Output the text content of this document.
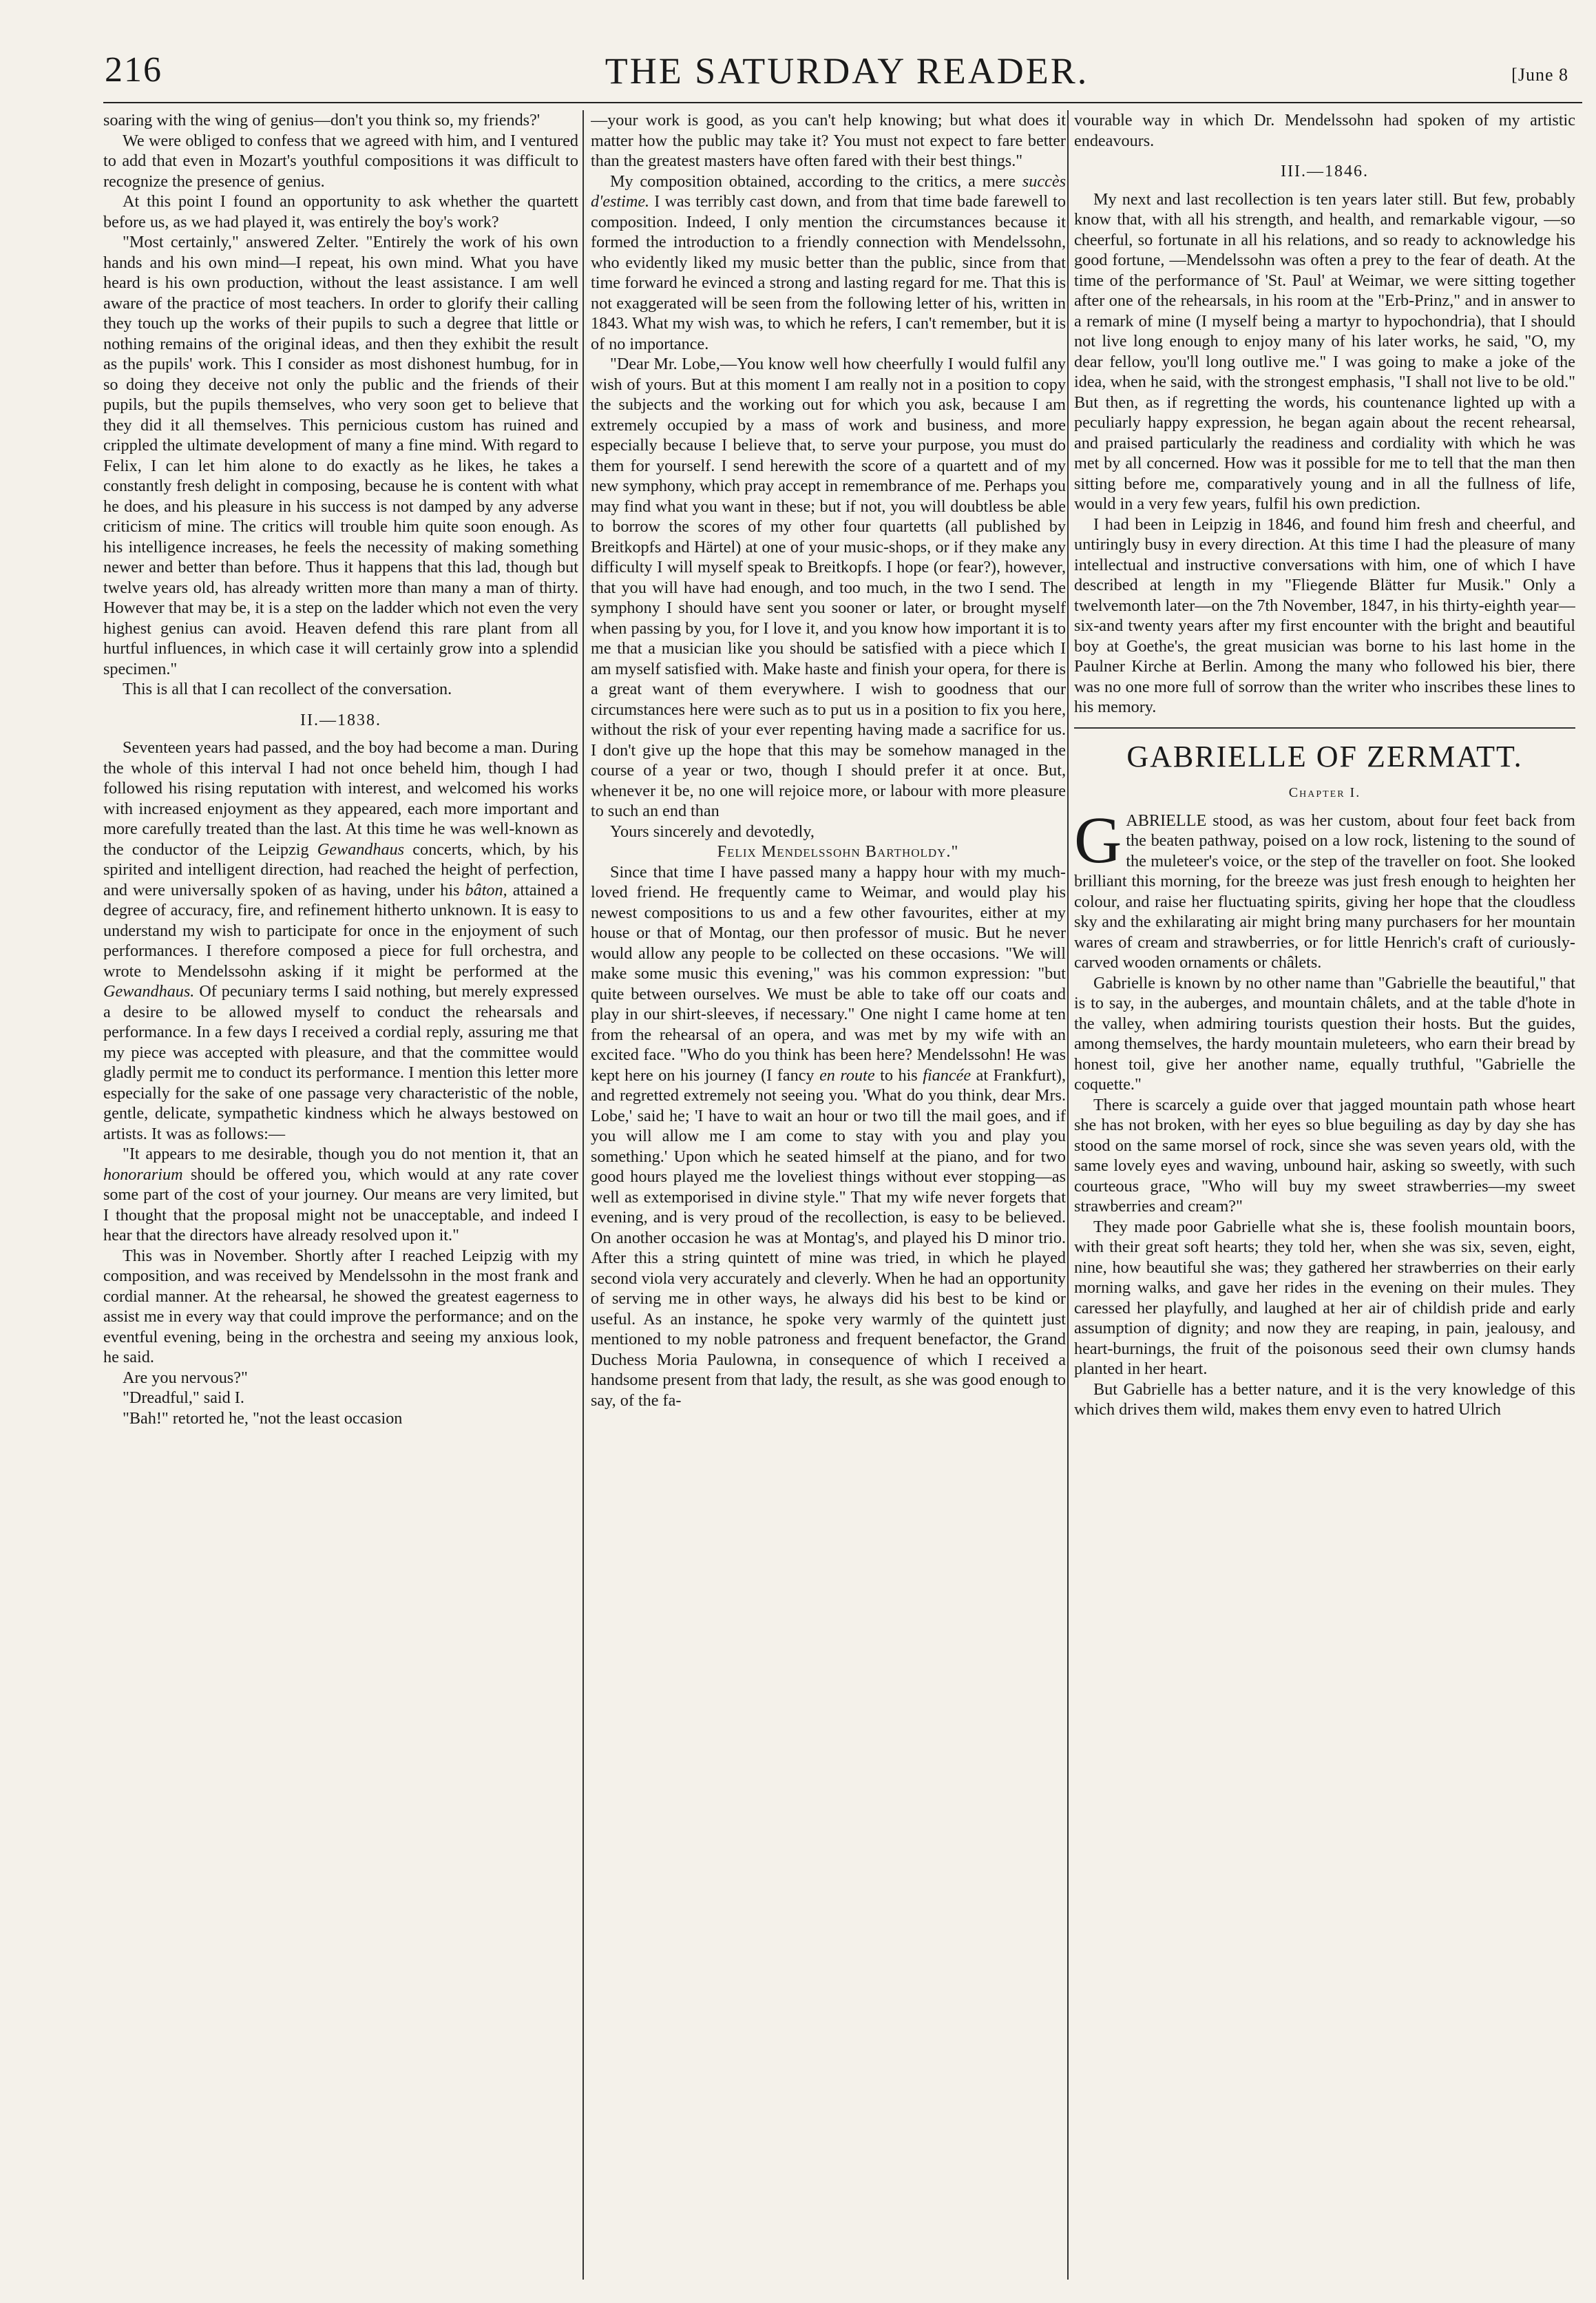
216	THE SATURDAY READER.	[June 8

soaring with the wing of genius—don't you think so, my friends?'

We were obliged to confess that we agreed with him, and I ventured to add that even in Mozart's youthful compositions it was difficult to recognize the presence of genius.

At this point I found an opportunity to ask whether the quartett before us, as we had played it, was entirely the boy's work?

"Most certainly," answered Zelter. "Entirely the work of his own hands and his own mind—I repeat, his own mind. What you have heard is his own production, without the least assistance. I am well aware of the practice of most teachers. In order to glorify their calling they touch up the works of their pupils to such a degree that little or nothing remains of the original ideas, and then they exhibit the result as the pupils' work. This I consider as most dishonest humbug, for in so doing they deceive not only the public and the friends of their pupils, but the pupils themselves, who very soon get to believe that they did it all themselves. This pernicious custom has ruined and crippled the ultimate development of many a fine mind. With regard to Felix, I can let him alone to do exactly as he likes, he takes a constantly fresh delight in composing, because he is content with what he does, and his pleasure in his success is not damped by any adverse criticism of mine. The critics will trouble him quite soon enough. As his intelligence increases, he feels the necessity of making something newer and better than before. Thus it happens that this lad, though but twelve years old, has already written more than many a man of thirty. However that may be, it is a step on the ladder which not even the very highest genius can avoid. Heaven defend this rare plant from all hurtful influences, in which case it will certainly grow into a splendid specimen."

This is all that I can recollect of the conversation.

II.—1838.

Seventeen years had passed, and the boy had become a man. During the whole of this interval I had not once beheld him, though I had followed his rising reputation with interest, and welcomed his works with increased enjoyment as they appeared, each more important and more carefully treated than the last. At this time he was well-known as the conductor of the Leipzig Gewandhaus concerts, which, by his spirited and intelligent direction, had reached the height of perfection, and were universally spoken of as having, under his bâton, attained a degree of accuracy, fire, and refinement hitherto unknown. It is easy to understand my wish to participate for once in the enjoyment of such performances. I therefore composed a piece for full orchestra, and wrote to Mendelssohn asking if it might be performed at the Gewandhaus. Of pecuniary terms I said nothing, but merely expressed a desire to be allowed myself to conduct the rehearsals and performance. In a few days I received a cordial reply, assuring me that my piece was accepted with pleasure, and that the committee would gladly permit me to conduct its performance. I mention this letter more especially for the sake of one passage very characteristic of the noble, gentle, delicate, sympathetic kindness which he always bestowed on artists. It was as follows:—

"It appears to me desirable, though you do not mention it, that an honorarium should be offered you, which would at any rate cover some part of the cost of your journey. Our means are very limited, but I thought that the proposal might not be unacceptable, and indeed I hear that the directors have already resolved upon it."

This was in November. Shortly after I reached Leipzig with my composition, and was received by Mendelssohn in the most frank and cordial manner. At the rehearsal, he showed the greatest eagerness to assist me in every way that could improve the performance; and on the eventful evening, being in the orchestra and seeing my anxious look, he said.

Are you nervous?"

"Dreadful," said I.

"Bah!" retorted he, "not the least occasion

—your work is good, as you can't help knowing; but what does it matter how the public may take it? You must not expect to fare better than the greatest masters have often fared with their best things."

My composition obtained, according to the critics, a mere succès d'estime. I was terribly cast down, and from that time bade farewell to composition. Indeed, I only mention the circumstances because it formed the introduction to a friendly connection with Mendelssohn, who evidently liked my music better than the public, since from that time forward he evinced a strong and lasting regard for me. That this is not exaggerated will be seen from the following letter of his, written in 1843. What my wish was, to which he refers, I can't remember, but it is of no importance.

"Dear Mr. Lobe,—You know well how cheerfully I would fulfil any wish of yours. But at this moment I am really not in a position to copy the subjects and the working out for which you ask, because I am extremely occupied by a mass of work and business, and more especially because I believe that, to serve your purpose, you must do them for yourself. I send herewith the score of a quartett and of my new symphony, which pray accept in remembrance of me. Perhaps you may find what you want in these; but if not, you will doubtless be able to borrow the scores of my other four quartetts (all published by Breitkopfs and Härtel) at one of your music-shops, or if they make any difficulty I will myself speak to Breitkopfs. I hope (or fear?), however, that you will have had enough, and too much, in the two I send. The symphony I should have sent you sooner or later, or brought myself when passing by you, for I love it, and you know how important it is to me that a musician like you should be satisfied with a piece which I am myself satisfied with. Make haste and finish your opera, for there is a great want of them everywhere. I wish to goodness that our circumstances here were such as to put us in a position to fix you here, without the risk of your ever repenting having made a sacrifice for us. I don't give up the hope that this may be somehow managed in the course of a year or two, though I should prefer it at once. But, whenever it be, no one will rejoice more, or labour with more pleasure to such an end than

Yours sincerely and devotedly,

Felix Mendelssohn Bartholdy."

Since that time I have passed many a happy hour with my much-loved friend. He frequently came to Weimar, and would play his newest compositions to us and a few other favourites, either at my house or that of Montag, our then professor of music. But he never would allow any people to be collected on these occasions. "We will make some music this evening," was his common expression: "but quite between ourselves. We must be able to take off our coats and play in our shirt-sleeves, if necessary." One night I came home at ten from the rehearsal of an opera, and was met by my wife with an excited face. "Who do you think has been here? Mendelssohn! He was kept here on his journey (I fancy en route to his fiancée at Frankfurt), and regretted extremely not seeing you. 'What do you think, dear Mrs. Lobe,' said he; 'I have to wait an hour or two till the mail goes, and if you will allow me I am come to stay with you and play you something.' Upon which he seated himself at the piano, and for two good hours played me the loveliest things without ever stopping—as well as extemporised in divine style." That my wife never forgets that evening, and is very proud of the recollection, is easy to be believed. On another occasion he was at Montag's, and played his D minor trio. After this a string quintett of mine was tried, in which he played second viola very accurately and cleverly. When he had an opportunity of serving me in other ways, he always did his best to be kind or useful. As an instance, he spoke very warmly of the quintett just mentioned to my noble patroness and frequent benefactor, the Grand Duchess Moria Paulowna, in consequence of which I received a handsome present from that lady, the result, as she was good enough to say, of the fa-

vourable way in which Dr. Mendelssohn had spoken of my artistic endeavours.

III.—1846.

My next and last recollection is ten years later still. But few, probably know that, with all his strength, and health, and remarkable vigour, —so cheerful, so fortunate in all his relations, and so ready to acknowledge his good fortune, —Mendelssohn was often a prey to the fear of death. At the time of the performance of 'St. Paul' at Weimar, we were sitting together after one of the rehearsals, in his room at the "Erb-Prinz," and in answer to a remark of mine (I myself being a martyr to hypochondria), that I should not live long enough to enjoy many of his later works, he said, "O, my dear fellow, you'll long outlive me." I was going to make a joke of the idea, when he said, with the strongest emphasis, "I shall not live to be old." But then, as if regretting the words, his countenance lighted up with a peculiarly happy expression, he began again about the recent rehearsal, and praised particularly the readiness and cordiality with which he was met by all concerned. How was it possible for me to tell that the man then sitting before me, comparatively young and in all the fullness of life, would in a very few years, fulfil his own prediction.

I had been in Leipzig in 1846, and found him fresh and cheerful, and untiringly busy in every direction. At this time I had the pleasure of many intellectual and instructive conversations with him, one of which I have described at length in my "Fliegende Blätter fur Musik." Only a twelvemonth later—on the 7th November, 1847, in his thirty-eighth year—six-and twenty years after my first encounter with the bright and beautiful boy at Goethe's, the great musician was borne to his last home in the Paulner Kirche at Berlin. Among the many who followed his bier, there was no one more full of sorrow than the writer who inscribes these lines to his memory.

GABRIELLE OF ZERMATT.
Chapter I.

G ABRIELLE stood, as was her custom, about four feet back from the beaten pathway, poised on a low rock, listening to the sound of the muleteer's voice, or the step of the traveller on foot. She looked brilliant this morning, for the breeze was just fresh enough to heighten her colour, and raise her fluctuating spirits, giving her hope that the cloudless sky and the exhilarating air might bring many purchasers for her mountain wares of cream and strawberries, or for little Henrich's craft of curiously-carved wooden ornaments or châlets.

Gabrielle is known by no other name than "Gabrielle the beautiful," that is to say, in the auberges, and mountain châlets, and at the table d'hote in the valley, when admiring tourists question their hosts. But the guides, among themselves, the hardy mountain muleteers, who earn their bread by honest toil, give her another name, equally truthful, "Gabrielle the coquette."

There is scarcely a guide over that jagged mountain path whose heart she has not broken, with her eyes so blue beguiling as day by day she has stood on the same morsel of rock, since she was seven years old, with the same lovely eyes and waving, unbound hair, asking so sweetly, with such courteous grace, "Who will buy my sweet strawberries—my sweet strawberries and cream?"

They made poor Gabrielle what she is, these foolish mountain boors, with their great soft hearts; they told her, when she was six, seven, eight, nine, how beautiful she was; they gathered her strawberries on their early morning walks, and gave her rides in the evening on their mules. They caressed her playfully, and laughed at her air of childish pride and early assumption of dignity; and now they are reaping, in pain, jealousy, and heart-burnings, the fruit of the poisonous seed their own clumsy hands planted in her heart.

But Gabrielle has a better nature, and it is the very knowledge of this which drives them wild, makes them envy even to hatred Ulrich
